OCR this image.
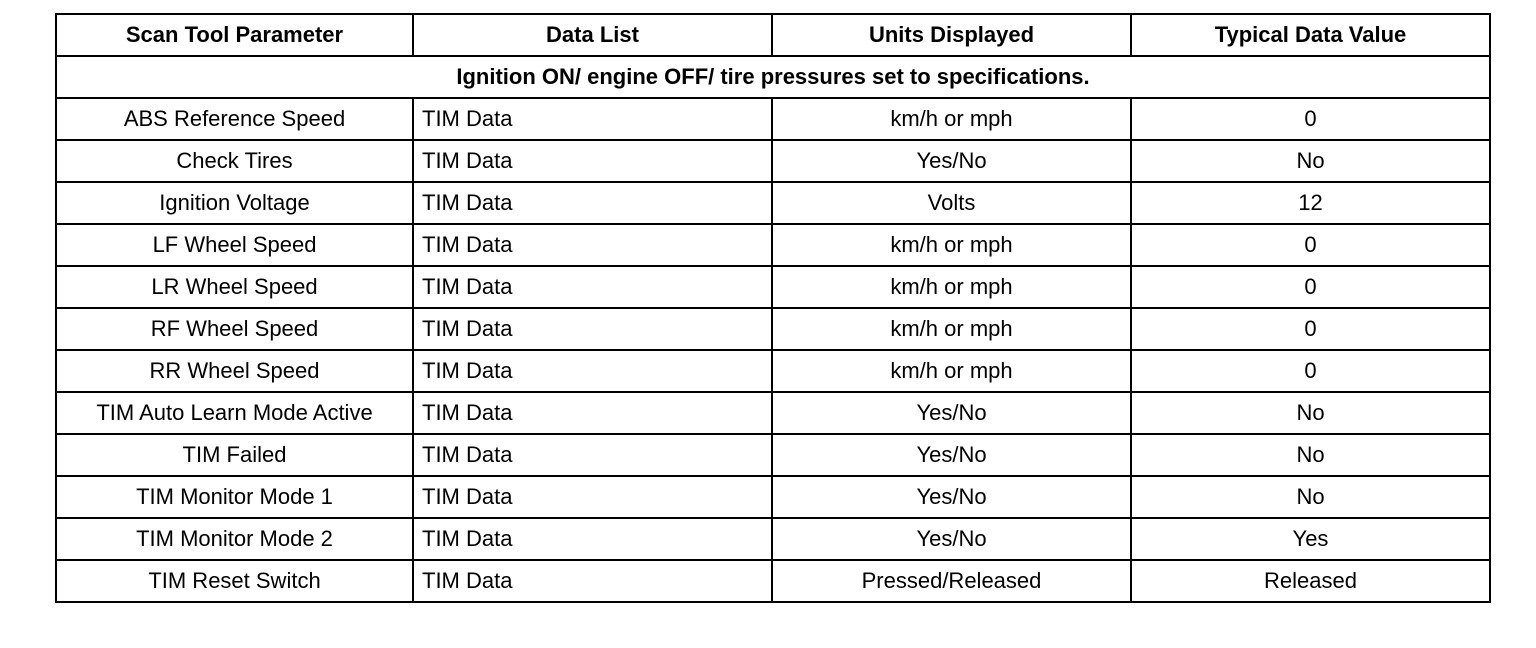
Scan Tool Parameter	Data List	Units Displayed	Typical Data Value
Ignition ON/ engine OFF/ tire pressures set to specifications.			
ABS Reference Speed	TIM Data	km/h or mph	0
Check Tires	TIM Data	Yes/No	No
Ignition Voltage	TIM Data	Volts	12
LF Wheel Speed	TIM Data	km/h or mph	0
LR Wheel Speed	TIM Data	km/h or mph	0
RF Wheel Speed	TIM Data	km/h or mph	0
RR Wheel Speed	TIM Data	km/h or mph	0
TIM Auto Learn Mode Active	TIM Data	Yes/No	No
TIM Failed	TIM Data	Yes/No	No
TIM Monitor Mode 1	TIM Data	Yes/No	No
TIM Monitor Mode 2	TIM Data	Yes/No	Yes
TIM Reset Switch	TIM Data	Pressed/Released	Released
